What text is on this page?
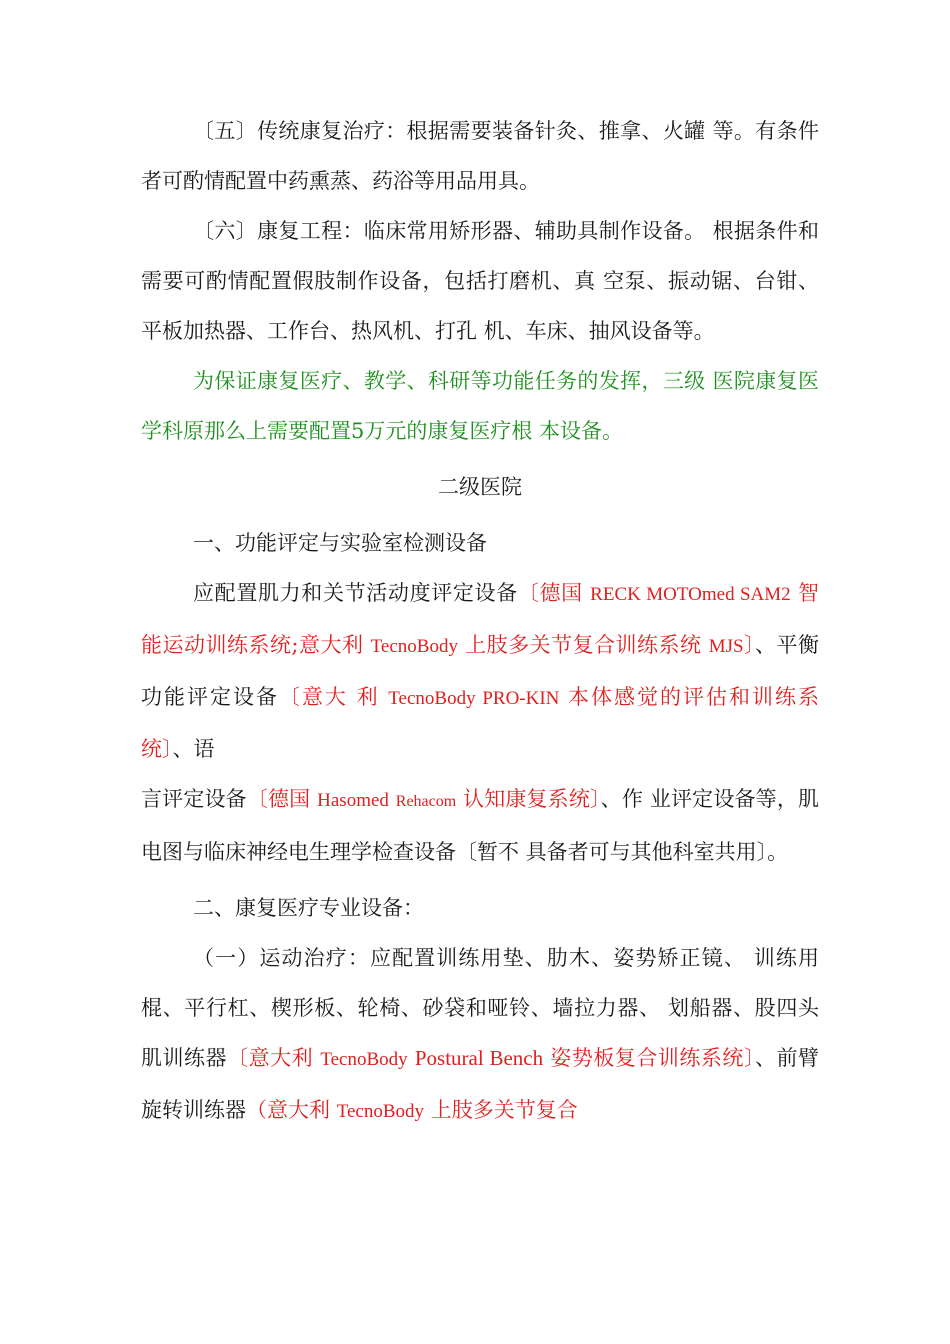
〔五〕传统康复治疗：根据需要装备针灸、推拿、火罐 等。有条件者可酌情配置中药熏蒸、药浴等用品用具。

〔六〕康复工程：临床常用矫形器、辅助具制作设备。 根据条件和需要可酌情配置假肢制作设备，包括打磨机、真 空泵、振动锯、台钳、平板加热器、工作台、热风机、打孔 机、车床、抽风设备等。

为保证康复医疗、教学、科研等功能任务的发挥，三级 医院康复医学科原那么上需要配置5万元的康复医疗根 本设备。

二级医院

一、功能评定与实验室检测设备

应配置肌力和关节活动度评定设备〔德国 RECK MOTOmed SAM2 智能运动训练系统;意大利 TecnoBody 上肢多关节复合训练系统 MJS〕、平衡功能评定设备〔意大 利 TecnoBody PRO-KIN 本体感觉的评估和训练系统〕、语

言评定设备〔德国 Hasomed Rehacom 认知康复系统〕、作 业评定设备等，肌电图与临床神经电生理学检查设备〔暂不 具备者可与其他科室共用〕。

二、康复医疗专业设备：

（一）运动治疗：应配置训练用垫、肋木、姿势矫正镜、 训练用棍、平行杠、楔形板、轮椅、砂袋和哑铃、墙拉力器、 划船器、股四头肌训练器〔意大利 TecnoBody Postural Bench 姿势板复合训练系统〕、前臂旋转训练器（意大利 TecnoBody 上肢多关节复合
